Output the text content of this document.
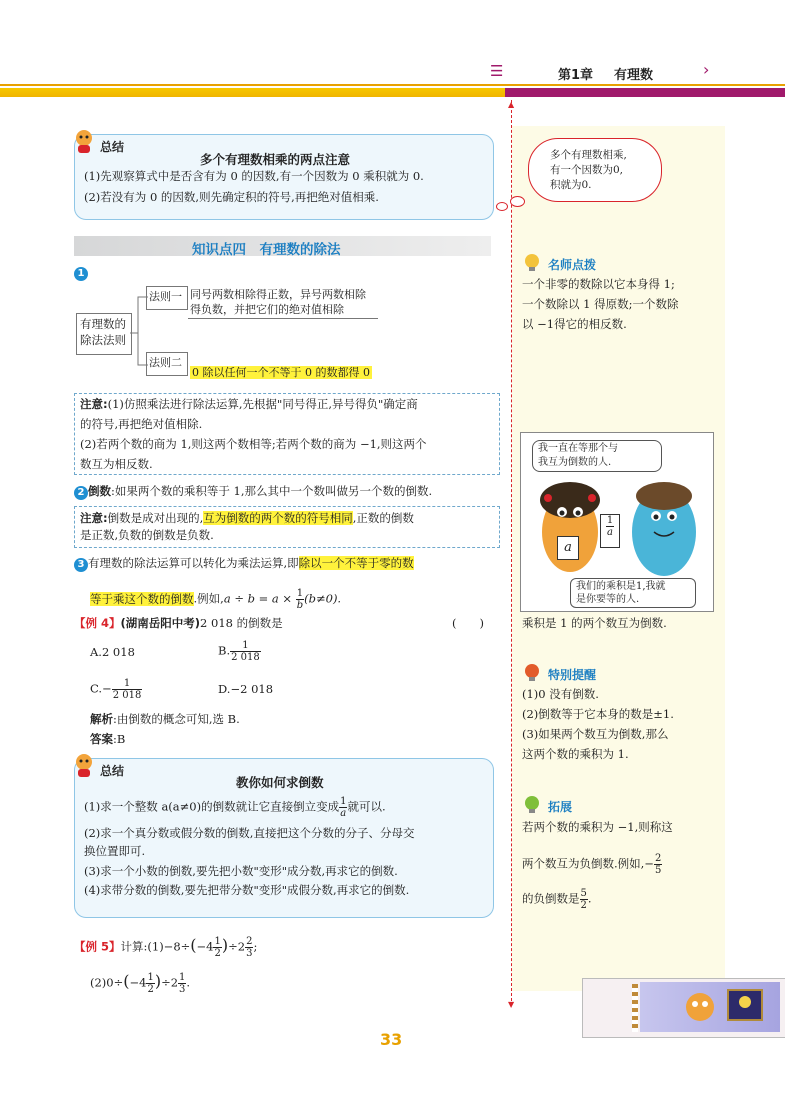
☰	第1章 有理数	›
▲
▼
总结
多个有理数相乘的两点注意
(1)先观察算式中是否含有为 0 的因数,有一个因数为 0 乘积就为 0.
(2)若没有为 0 的因数,则先确定积的符号,再把绝对值相乘.
多个有理数相乘,
有一个因数为0,
积就为0.
知识点四　有理数的除法
1
有理数的
除法法则
法则一 同号两数相除得正数，异号两数相除
得负数，并把它们的绝对值相除
法则二
0 除以任何一个不等于 0 的数都得 0
注意:(1)仿照乘法进行除法运算,先根据"同号得正,异号得负"确定商
的符号,再把绝对值相除.
(2)若两个数的商为 1,则这两个数相等;若两个数的商为 −1,则这两个
数互为相反数.
2 倒数:如果两个数的乘积等于 1,那么其中一个数叫做另一个数的倒数.
注意:倒数是成对出现的,互为倒数的两个数的符号相同,正数的倒数
是正数,负数的倒数是负数.
3 有理数的除法运算可以转化为乘法运算,即除以一个不等于零的数
等于乘这个数的倒数.例如$,a \div b = a \times \frac{1}{b} (b\ne 0)$.
【例 4】(湖南岳阳中考)2 018 的倒数是	(　　)
A.2 018	B. $\frac{1}{2 018}$
$C.- \frac{1}{2 018}$	D.−2 018
解析:由倒数的概念可知,选 B.
答案:B
总结
教你如何求倒数
(1)求一个整数 a(a≠0)的倒数就让它直接倒立变成 $\frac{1}{a}$ 就可以.
(2)求一个真分数或假分数的倒数,直接把这个分数的分子、分母交
换位置即可.
(3)求一个小数的倒数,要先把小数"变形"成分数,再求它的倒数.
(4)求带分数的倒数,要先把带分数"变形"成假分数,再求它的倒数.
【例 5】计算:(1)−8÷(−4 $\frac{1}{2} )\div 2 \frac{2}{3}$ ;
$(2)0\div(-4 \frac{1}{2} )\div 2 \frac{1}{3}$ .
名师点拨
一个非零的数除以它本身得 1;
一个数除以 1 得原数;一个数除
以 −1得它的相反数.
我一直在等那个与
我互为倒数的人.
a
$\frac{1}{a}$
我们的乘积是1,我就
是你要等的人.
乘积是 1 的两个数互为倒数.
特别提醒
(1)0 没有倒数.
(2)倒数等于它本身的数是±1.
(3)如果两个数互为倒数,那么
这两个数的乘积为 1.
拓展
若两个数的乘积为 −1,则称这
两个数互为负倒数.例如,− $\frac{2}{5}$
的负倒数是 $\frac{5}{2}$ .
33
